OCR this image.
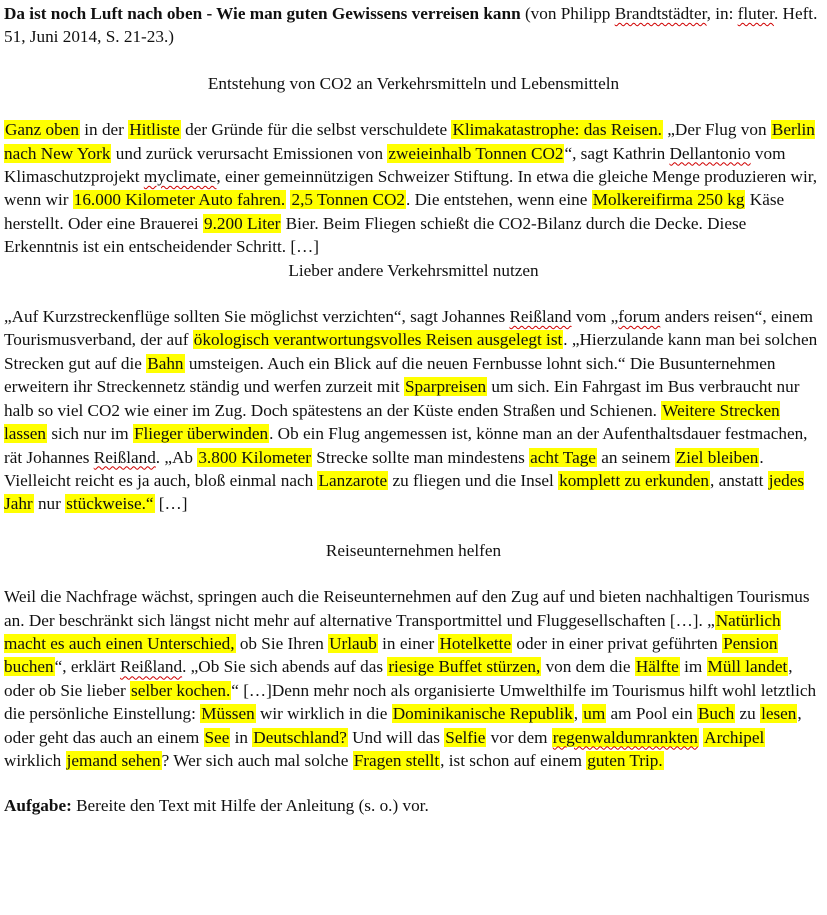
Da ist noch Luft nach oben - Wie man guten Gewissens verreisen kann (von Philipp Brandtstädter, in: fluter. Heft. 51, Juni 2014, S. 21-23.)

Entstehung von CO2 an Verkehrsmitteln und Lebensmitteln

Ganz oben in der Hitliste der Gründe für die selbst verschuldete Klimakatastrophe: das Reisen. „Der Flug von Berlin nach New York und zurück verursacht Emissionen von zweieinhalb Tonnen CO2“, sagt Kathrin Dellantonio vom Klimaschutzprojekt myclimate, einer gemeinnützigen Schweizer Stiftung. In etwa die gleiche Menge produzieren wir, wenn wir 16.000 Kilometer Auto fahren. 2,5 Tonnen CO2. Die entstehen, wenn eine Molkereifirma 250 kg Käse herstellt. Oder eine Brauerei 9.200 Liter Bier. Beim Fliegen schießt die CO2-Bilanz durch die Decke. Diese Erkenntnis ist ein entscheidender Schritt. […]

Lieber andere Verkehrsmittel nutzen

„Auf Kurzstreckenflüge sollten Sie möglichst verzichten“, sagt Johannes Reißland vom „forum anders reisen“, einem Tourismusverband, der auf ökologisch verantwortungsvolles Reisen ausgelegt ist. „Hierzulande kann man bei solchen Strecken gut auf die Bahn umsteigen. Auch ein Blick auf die neuen Fernbusse lohnt sich.“ Die Busunternehmen erweitern ihr Streckennetz ständig und werfen zurzeit mit Sparpreisen um sich. Ein Fahrgast im Bus verbraucht nur halb so viel CO2 wie einer im Zug. Doch spätestens an der Küste enden Straßen und Schienen. Weitere Strecken lassen sich nur im Flieger überwinden. Ob ein Flug angemessen ist, könne man an der Aufenthaltsdauer festmachen, rät Johannes Reißland. „Ab 3.800 Kilometer Strecke sollte man mindestens acht Tage an seinem Ziel bleiben. Vielleicht reicht es ja auch, bloß einmal nach Lanzarote zu fliegen und die Insel komplett zu erkunden, anstatt jedes Jahr nur stückweise.“ […]

Reiseunternehmen helfen

Weil die Nachfrage wächst, springen auch die Reiseunternehmen auf den Zug auf und bieten nachhaltigen Tourismus an. Der beschränkt sich längst nicht mehr auf alternative Transportmittel und Fluggesellschaften […]. „Natürlich macht es auch einen Unterschied, ob Sie Ihren Urlaub in einer Hotelkette oder in einer privat geführten Pension buchen“, erklärt Reißland. „Ob Sie sich abends auf das riesige Buffet stürzen, von dem die Hälfte im Müll landet, oder ob Sie lieber selber kochen.“ […]Denn mehr noch als organisierte Umwelthilfe im Tourismus hilft wohl letztlich die persönliche Einstellung: Müssen wir wirklich in die Dominikanische Republik, um am Pool ein Buch zu lesen, oder geht das auch an einem See in Deutschland? Und will das Selfie vor dem regenwaldumrankten Archipel wirklich jemand sehen? Wer sich auch mal solche Fragen stellt, ist schon auf einem guten Trip.

Aufgabe: Bereite den Text mit Hilfe der Anleitung (s. o.) vor.
